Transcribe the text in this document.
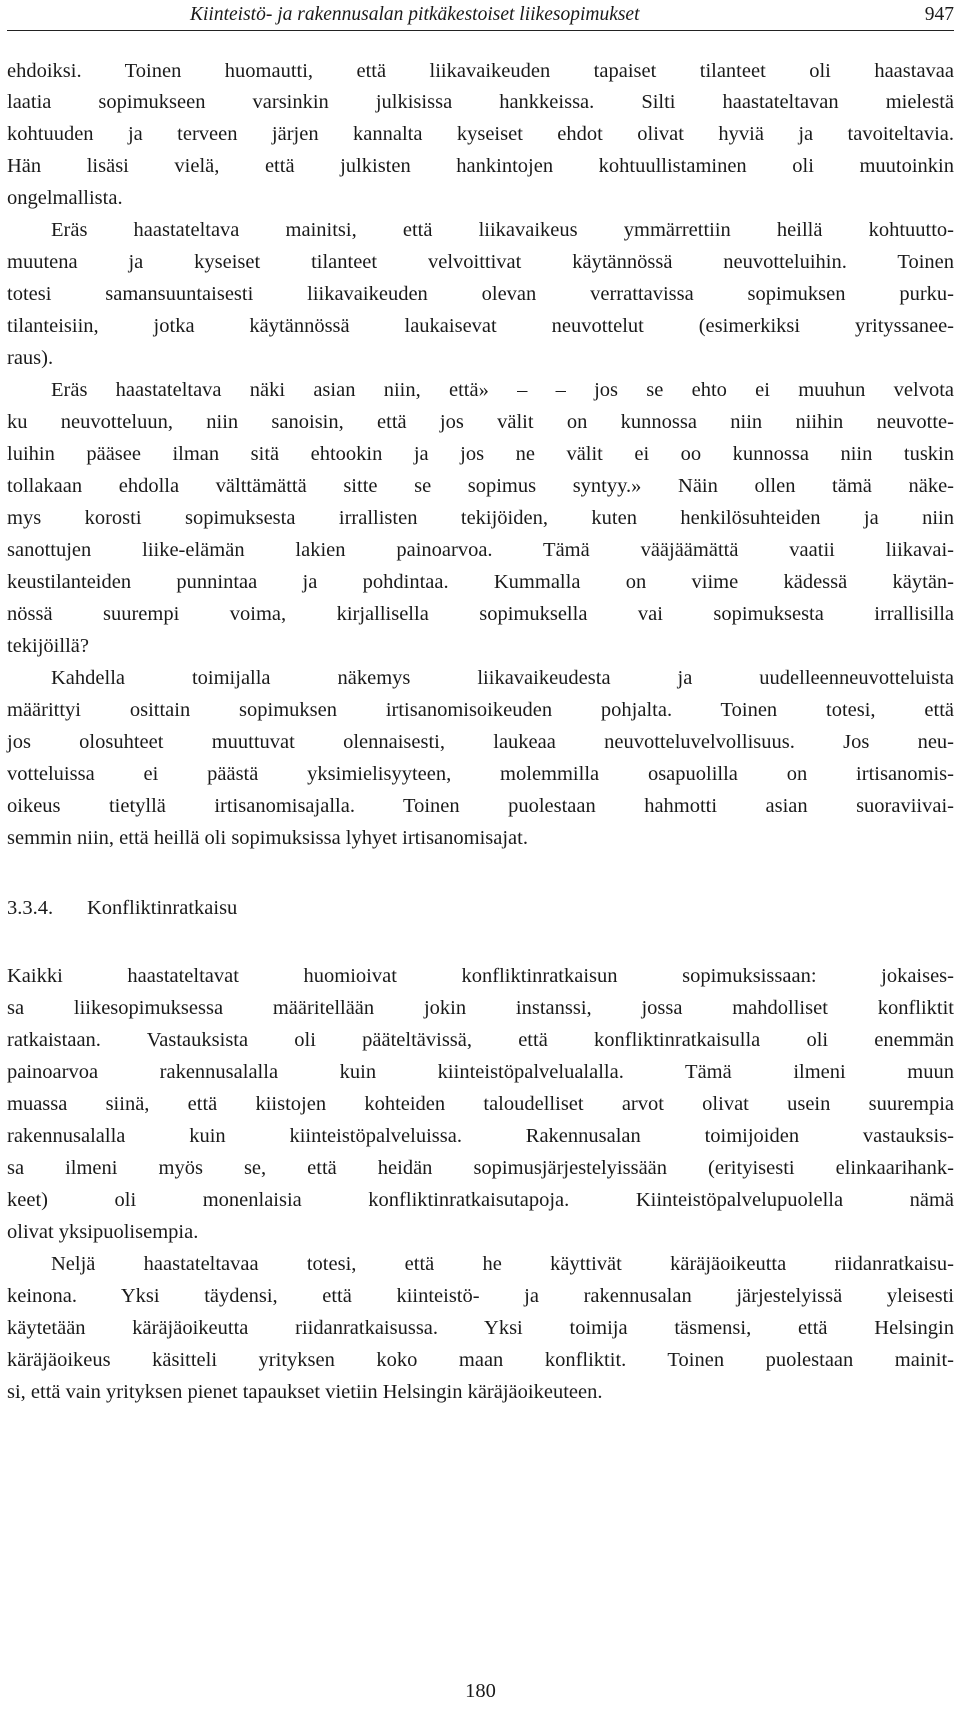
Kiinteistö- ja rakennusalan pitkäkestoiset liikesopimukset	947
ehdoiksi. Toinen huomautti, että liikavaikeuden tapaiset tilanteet oli haastavaa
laatia sopimukseen varsinkin julkisissa hankkeissa. Silti haastateltavan mielestä
kohtuuden ja terveen järjen kannalta kyseiset ehdot olivat hyviä ja tavoiteltavia.
Hän lisäsi vielä, että julkisten hankintojen kohtuullistaminen oli muutoinkin
ongelmallista.
Eräs haastateltava mainitsi, että liikavaikeus ymmärrettiin heillä kohtuutto-
muutena ja kyseiset tilanteet velvoittivat käytännössä neuvotteluihin. Toinen
totesi samansuuntaisesti liikavaikeuden olevan verrattavissa sopimuksen purku-
tilanteisiin, jotka käytännössä laukaisevat neuvottelut (esimerkiksi yrityssanee-
raus).
Eräs haastateltava näki asian niin, että» – – jos se ehto ei muuhun velvota
ku neuvotteluun, niin sanoisin, että jos välit on kunnossa niin niihin neuvotte-
luihin pääsee ilman sitä ehtookin ja jos ne välit ei oo kunnossa niin tuskin
tollakaan ehdolla välttämättä sitte se sopimus syntyy.» Näin ollen tämä näke-
mys korosti sopimuksesta irrallisten tekijöiden, kuten henkilösuhteiden ja niin
sanottujen liike-elämän lakien painoarvoa. Tämä vääjäämättä vaatii liikavai-
keustilanteiden punnintaa ja pohdintaa. Kummalla on viime kädessä käytän-
nössä suurempi voima, kirjallisella sopimuksella vai sopimuksesta irrallisilla
tekijöillä?
Kahdella toimijalla näkemys liikavaikeudesta ja uudelleenneuvotteluista
määrittyi osittain sopimuksen irtisanomisoikeuden pohjalta. Toinen totesi, että
jos olosuhteet muuttuvat olennaisesti, laukeaa neuvotteluvelvollisuus. Jos neu-
votteluissa ei päästä yksimielisyyteen, molemmilla osapuolilla on irtisanomis-
oikeus tietyllä irtisanomisajalla. Toinen puolestaan hahmotti asian suoraviivai-
semmin niin, että heillä oli sopimuksissa lyhyet irtisanomisajat.
3.3.4. Konfliktinratkaisu
Kaikki haastateltavat huomioivat konfliktinratkaisun sopimuksissaan: jokaises-
sa liikesopimuksessa määritellään jokin instanssi, jossa mahdolliset konfliktit
ratkaistaan. Vastauksista oli pääteltävissä, että konfliktinratkaisulla oli enemmän
painoarvoa rakennusalalla kuin kiinteistöpalvelualalla. Tämä ilmeni muun
muassa siinä, että kiistojen kohteiden taloudelliset arvot olivat usein suurempia
rakennusalalla kuin kiinteistöpalveluissa. Rakennusalan toimijoiden vastauksis-
sa ilmeni myös se, että heidän sopimusjärjestelyissään (erityisesti elinkaarihank-
keet) oli monenlaisia konfliktinratkaisutapoja. Kiinteistöpalvelupuolella nämä
olivat yksipuolisempia.
Neljä haastateltavaa totesi, että he käyttivät käräjäoikeutta riidanratkaisu-
keinona. Yksi täydensi, että kiinteistö- ja rakennusalan järjestelyissä yleisesti
käytetään käräjäoikeutta riidanratkaisussa. Yksi toimija täsmensi, että Helsingin
käräjäoikeus käsitteli yrityksen koko maan konfliktit. Toinen puolestaan mainit-
si, että vain yrityksen pienet tapaukset vietiin Helsingin käräjäoikeuteen.
180
